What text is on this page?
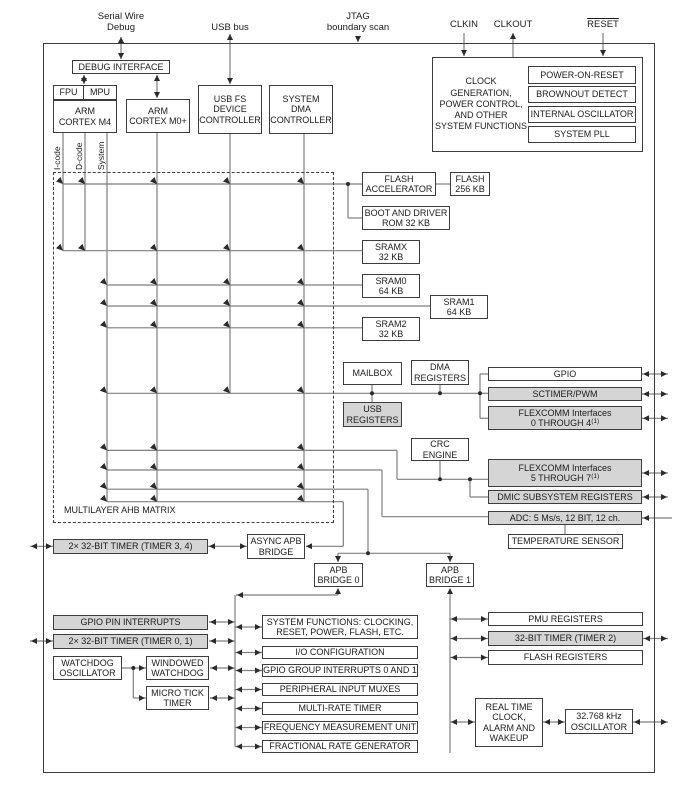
I-code D-code System
MULTILAYER AHB MATRIX
Serial Wire
Debug	USB bus
JTAG
boundary scan	CLKIN	CLKOUT	RESET
DEBUG INTERFACE
FPU	MPU
ARM
CORTEX M4
ARM
CORTEX M0+
USB FS
DEVICE
CONTROLLER
SYSTEM
DMA
CONTROLLER
CLOCK GENERATION,
POWER CONTROL,
AND OTHER
SYSTEM FUNCTIONS
POWER-ON-RESET
BROWNOUT DETECT
INTERNAL OSCILLATOR
SYSTEM PLL
FLASH
ACCELERATOR
FLASH
256 KB
BOOT AND DRIVER
ROM 32 KB
SRAMX
32 KB
SRAM0
64 KB
SRAM1
64 KB
SRAM2
32 KB
MAILBOX
DMA
REGISTERS
USB
REGISTERS
GPIO
SCTIMER/PWM
FLEXCOMM Interfaces
0 THROUGH 4$^{(1)}$
CRC
ENGINE
FLEXCOMM Interfaces
5 THROUGH 7$^{(1)}$
DMIC SUBSYSTEM REGISTERS
ADC: 5 Ms/s, 12 BIT, 12 ch.
TEMPERATURE SENSOR
2× 32-BIT TIMER (TIMER 3, 4)
ASYNC APB
BRIDGE
APB
BRIDGE 0
APB
BRIDGE 1
GPIO PIN INTERRUPTS
2× 32-BIT TIMER (TIMER 0, 1)
WATCHDOG
OSCILLATOR
WINDOWED
WATCHDOG
MICRO TICK
TIMER
SYSTEM FUNCTIONS: CLOCKING,
RESET, POWER, FLASH, ETC.
I/O CONFIGURATION
GPIO GROUP INTERRUPTS 0 AND 1
PERIPHERAL INPUT MUXES
MULTI-RATE TIMER
FREQUENCY MEASUREMENT UNIT
FRACTIONAL RATE GENERATOR
PMU REGISTERS
32-BIT TIMER (TIMER 2)
FLASH REGISTERS
REAL TIME
CLOCK,
ALARM AND
WAKEUP
32.768 kHz
OSCILLATOR
